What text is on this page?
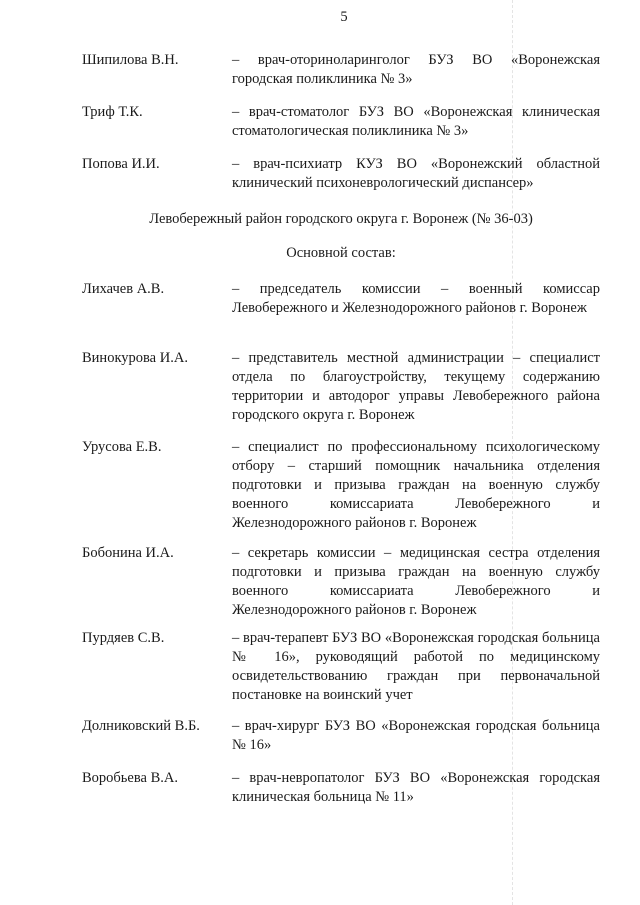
5
Шипилова В.Н.	– врач-оториноларинголог БУЗ ВО «Воронежская городская поликлиника № 3»
Триф Т.К.	– врач-стоматолог БУЗ ВО «Воронежская клиническая стоматологическая поликлиника № 3»
Попова И.И.	– врач-психиатр КУЗ ВО «Воронежский областной клинический психоневрологический диспансер»
Левобережный район городского округа г. Воронеж (№ 36-03)
Основной состав:
Лихачев А.В.	– председатель комиссии – военный комиссар Левобережного и Железнодорожного районов г. Воронеж
Винокурова И.А.	– представитель местной администрации – специалист отдела по благоустройству, текущему содержанию территории и автодорог управы Левобережного района городского округа г. Воронеж
Урусова Е.В.	– специалист по профессиональному психологическому отбору – старший помощник начальника отделения подготовки и призыва граждан на военную службу военного комиссариата Левобережного и Железнодорожного районов г. Воронеж
Бобонина И.А.	– секретарь комиссии – медицинская сестра отделения подготовки и призыва граждан на военную службу военного комиссариата Левобережного и Железнодорожного районов г. Воронеж
Пурдяев С.В.	– врач-терапевт БУЗ ВО «Воронежская городская больница № 16», руководящий работой по медицинскому освидетельствованию граждан при первоначальной постановке на воинский учет
Долниковский В.Б. – врач-хирург БУЗ ВО «Воронежская городская больница № 16»
Воробьева В.А.	– врач-невропатолог БУЗ ВО «Воронежская городская клиническая больница № 11»
